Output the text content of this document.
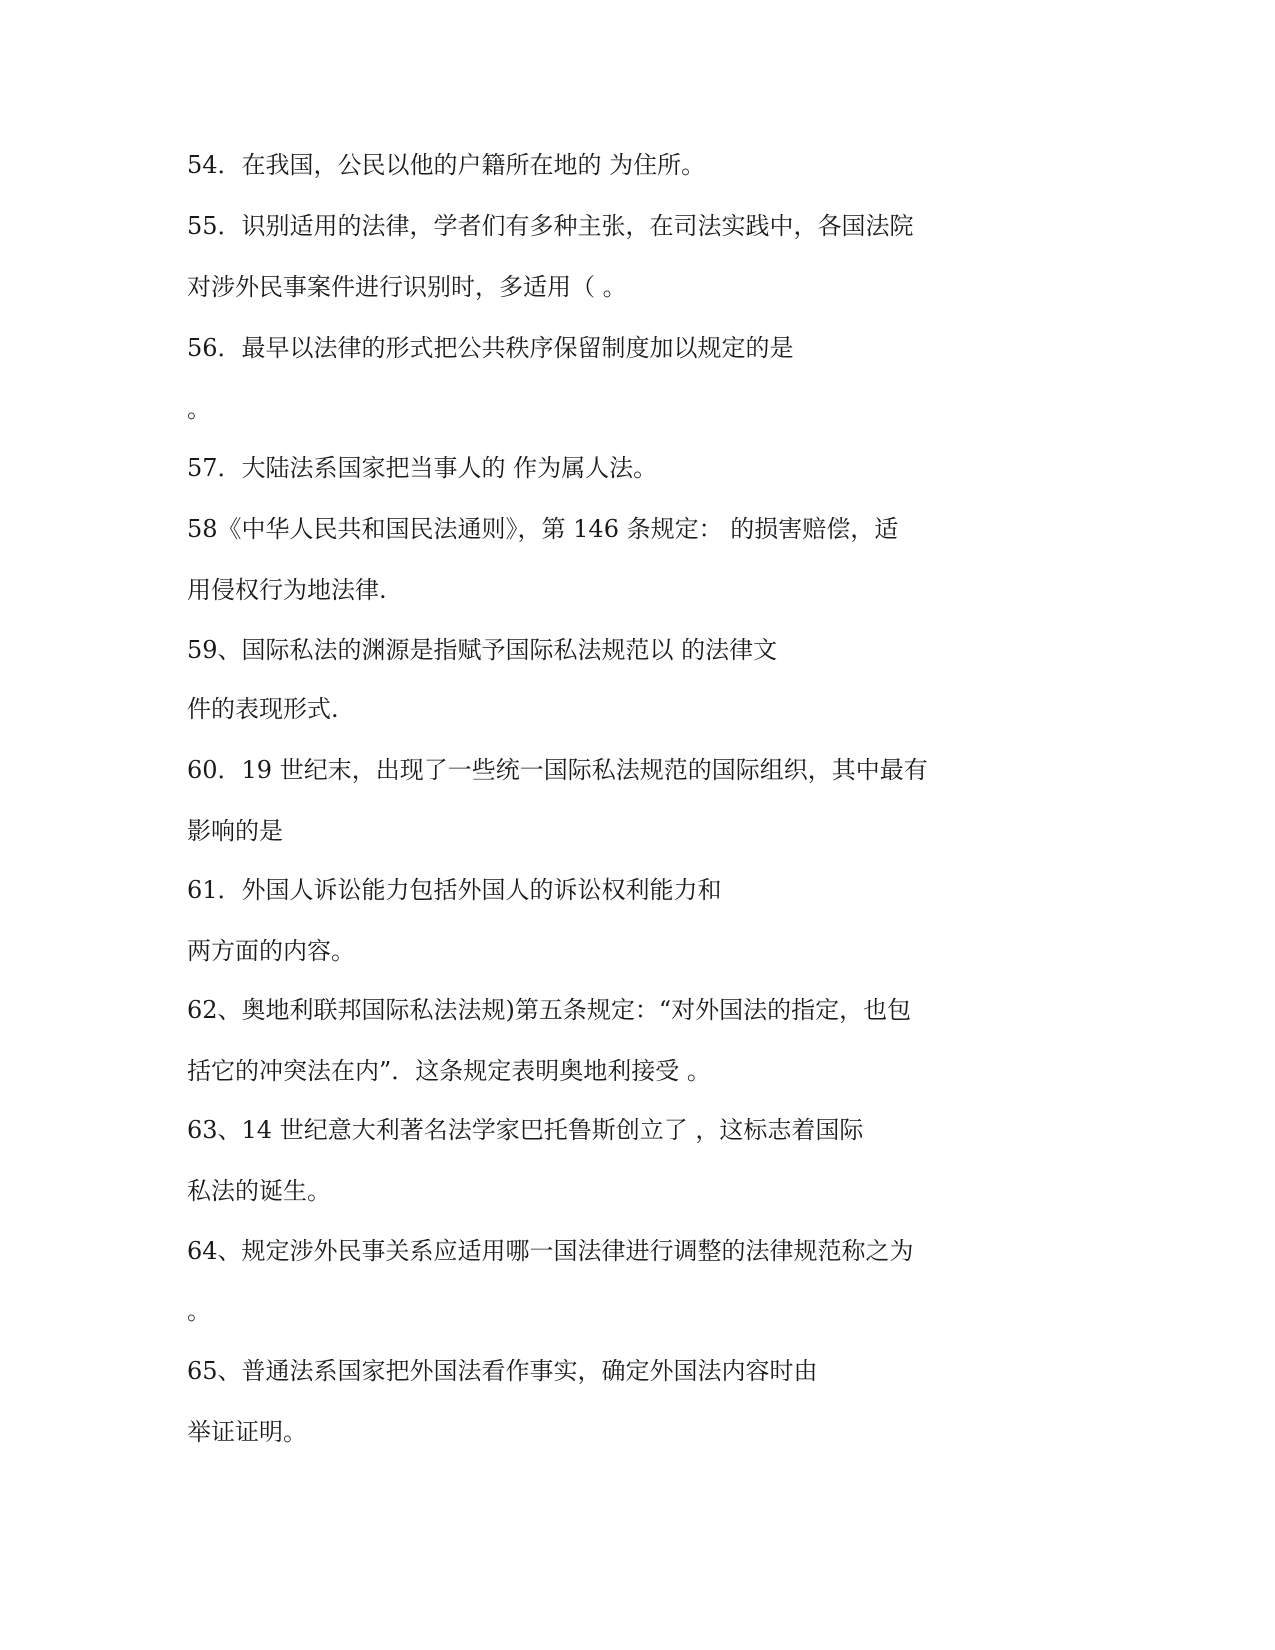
54．在我国，公民以他的户籍所在地的 为住所。

55．识别适用的法律，学者们有多种主张，在司法实践中，各国法院

对涉外民事案件进行识别时，多适用（ 。

56．最早以法律的形式把公共秩序保留制度加以规定的是

。

57．大陆法系国家把当事人的 作为属人法。

58《中华人民共和国民法通则》，第 146 条规定： 的损害赔偿，适

用侵权行为地法律.

59、国际私法的渊源是指赋予国际私法规范以 的法律文

件的表现形式.

60．19 世纪末，出现了一些统一国际私法规范的国际组织，其中最有

影响的是

61．外国人诉讼能力包括外国人的诉讼权利能力和

两方面的内容。

62、奥地利联邦国际私法法规)第五条规定：“对外国法的指定，也包

括它的冲突法在内”．这条规定表明奥地利接受 。

63、14 世纪意大利著名法学家巴托鲁斯创立了 ，这标志着国际

私法的诞生。

64、规定涉外民事关系应适用哪一国法律进行调整的法律规范称之为

。

65、普通法系国家把外国法看作事实，确定外国法内容时由

举证证明。
